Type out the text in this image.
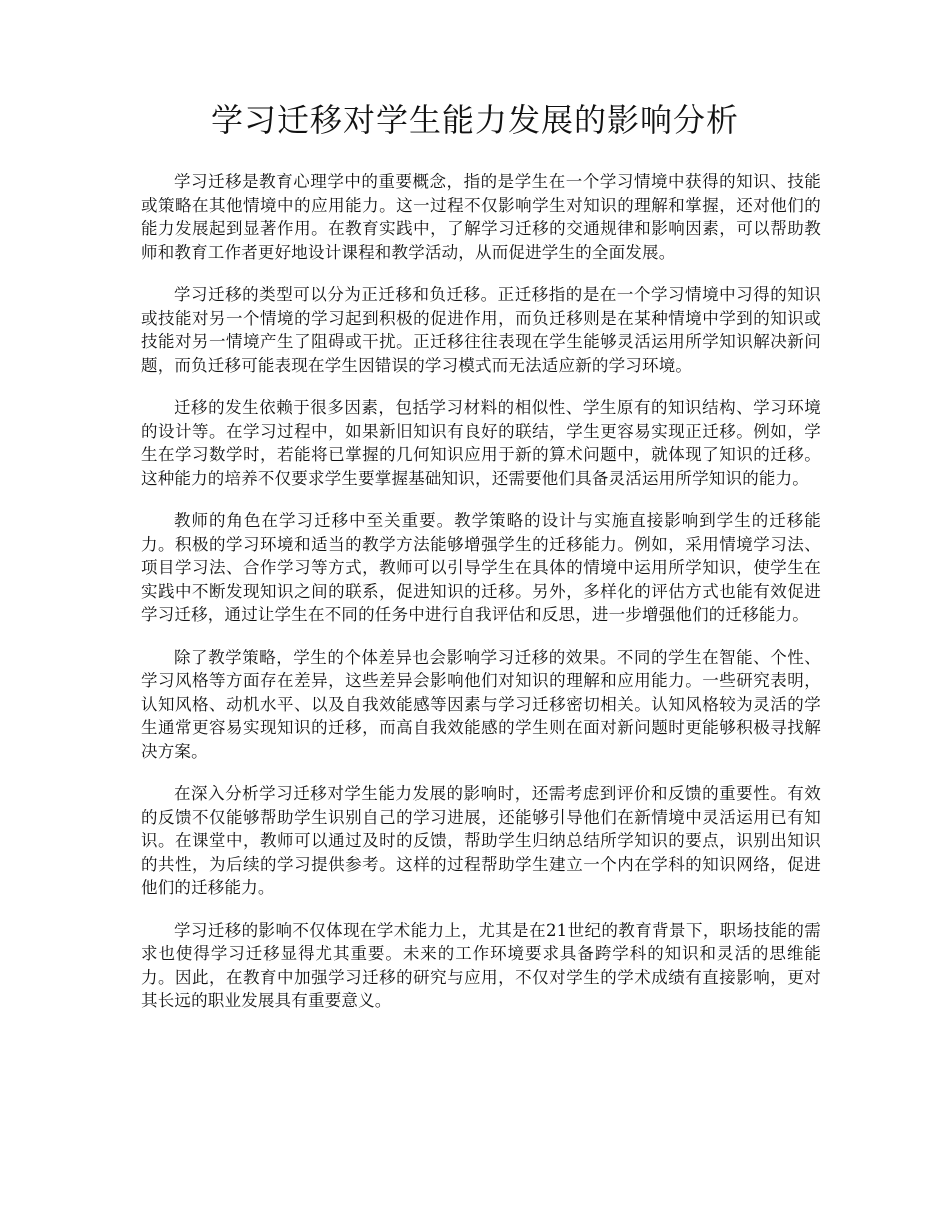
学习迁移对学生能力发展的影响分析

学习迁移是教育心理学中的重要概念，指的是学生在一个学习情境中获得的知识、技能或策略在其他情境中的应用能力。这一过程不仅影响学生对知识的理解和掌握，还对他们的能力发展起到显著作用。在教育实践中，了解学习迁移的交通规律和影响因素，可以帮助教师和教育工作者更好地设计课程和教学活动，从而促进学生的全面发展。

学习迁移的类型可以分为正迁移和负迁移。正迁移指的是在一个学习情境中习得的知识或技能对另一个情境的学习起到积极的促进作用，而负迁移则是在某种情境中学到的知识或技能对另一情境产生了阻碍或干扰。正迁移往往表现在学生能够灵活运用所学知识解决新问题，而负迁移可能表现在学生因错误的学习模式而无法适应新的学习环境。

迁移的发生依赖于很多因素，包括学习材料的相似性、学生原有的知识结构、学习环境的设计等。在学习过程中，如果新旧知识有良好的联结，学生更容易实现正迁移。例如，学生在学习数学时，若能将已掌握的几何知识应用于新的算术问题中，就体现了知识的迁移。这种能力的培养不仅要求学生要掌握基础知识，还需要他们具备灵活运用所学知识的能力。

教师的角色在学习迁移中至关重要。教学策略的设计与实施直接影响到学生的迁移能力。积极的学习环境和适当的教学方法能够增强学生的迁移能力。例如，采用情境学习法、项目学习法、合作学习等方式，教师可以引导学生在具体的情境中运用所学知识，使学生在实践中不断发现知识之间的联系，促进知识的迁移。另外，多样化的评估方式也能有效促进学习迁移，通过让学生在不同的任务中进行自我评估和反思，进一步增强他们的迁移能力。

除了教学策略，学生的个体差异也会影响学习迁移的效果。不同的学生在智能、个性、学习风格等方面存在差异，这些差异会影响他们对知识的理解和应用能力。一些研究表明，认知风格、动机水平、以及自我效能感等因素与学习迁移密切相关。认知风格较为灵活的学生通常更容易实现知识的迁移，而高自我效能感的学生则在面对新问题时更能够积极寻找解决方案。

在深入分析学习迁移对学生能力发展的影响时，还需考虑到评价和反馈的重要性。有效的反馈不仅能够帮助学生识别自己的学习进展，还能够引导他们在新情境中灵活运用已有知识。在课堂中，教师可以通过及时的反馈，帮助学生归纳总结所学知识的要点，识别出知识的共性，为后续的学习提供参考。这样的过程帮助学生建立一个内在学科的知识网络，促进他们的迁移能力。

学习迁移的影响不仅体现在学术能力上，尤其是在21世纪的教育背景下，职场技能的需求也使得学习迁移显得尤其重要。未来的工作环境要求具备跨学科的知识和灵活的思维能力。因此，在教育中加强学习迁移的研究与应用，不仅对学生的学术成绩有直接影响，更对其长远的职业发展具有重要意义。
